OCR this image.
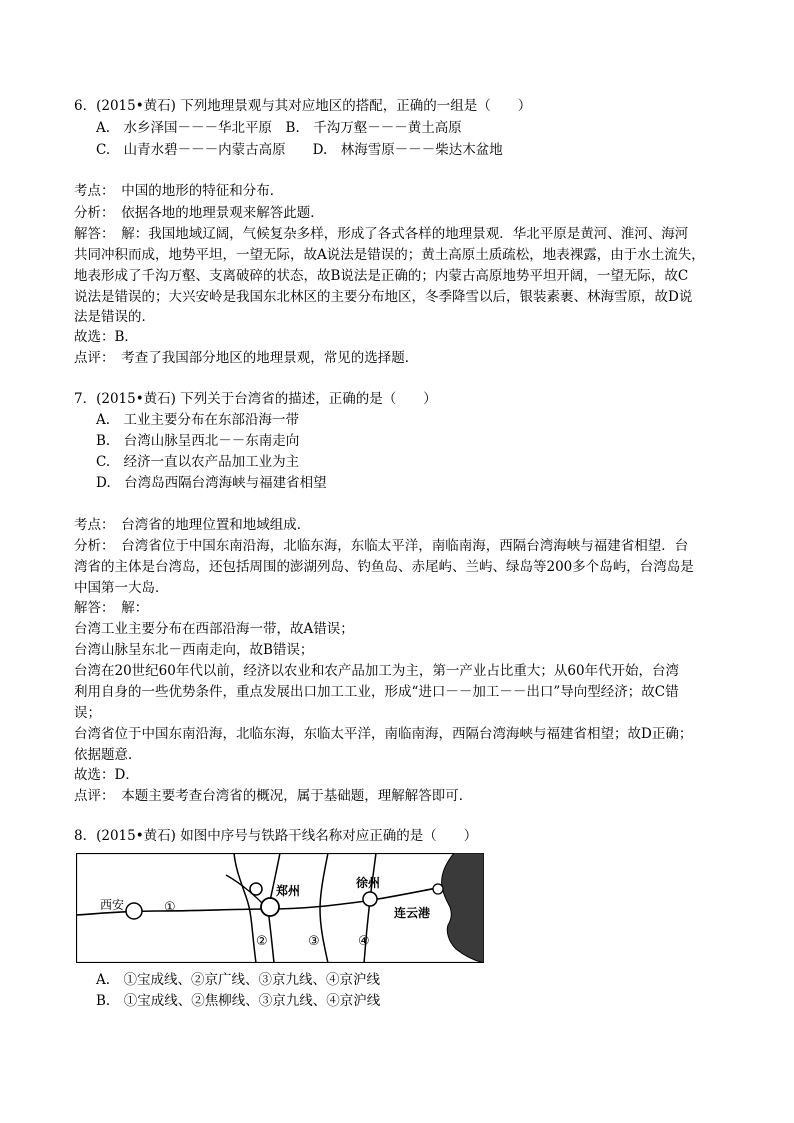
6．(2015•黄石) 下列地理景观与其对应地区的搭配，正确的一组是（　　）
A.　水乡泽国－－－华北平原　B.　千沟万壑－－－黄土高原
C.　山青水碧－－－内蒙古高原　　D.　林海雪原－－－柴达木盆地
考点：　中国的地形的特征和分布．
分析：　依据各地的地理景观来解答此题．
解答：　解：我国地域辽阔，气候复杂多样，形成了各式各样的地理景观．华北平原是黄河、淮河、海河
共同冲积而成，地势平坦，一望无际，故A说法是错误的；黄土高原土质疏松，地表裸露，由于水土流失，
地表形成了千沟万壑、支离破碎的状态，故B说法是正确的；内蒙古高原地势平坦开阔，一望无际，故C
说法是错误的；大兴安岭是我国东北林区的主要分布地区，冬季降雪以后，银装素裹、林海雪原，故D说
法是错误的．
故选：B．
点评：　考查了我国部分地区的地理景观，常见的选择题．
7．(2015•黄石) 下列关于台湾省的描述，正确的是（　　）
A.　工业主要分布在东部沿海一带
B.　台湾山脉呈西北－－东南走向
C.　经济一直以农产品加工业为主
D.　台湾岛西隔台湾海峡与福建省相望
考点：　台湾省的地理位置和地域组成．
分析：　台湾省位于中国东南沿海，北临东海，东临太平洋，南临南海，西隔台湾海峡与福建省相望．台
湾省的主体是台湾岛，还包括周围的澎湖列岛、钓鱼岛、赤尾屿、兰屿、绿岛等200多个岛屿，台湾岛是
中国第一大岛．
解答：　解：
台湾工业主要分布在西部沿海一带，故A错误；
台湾山脉呈东北－西南走向，故B错误；
台湾在20世纪60年代以前，经济以农业和农产品加工为主，第一产业占比重大；从60年代开始，台湾
利用自身的一些优势条件，重点发展出口加工工业，形成“进口－－加工－－出口”导向型经济；故C错
误；
台湾省位于中国东南沿海，北临东海，东临太平洋，南临南海，西隔台湾海峡与福建省相望；故D正确；
依据题意．
故选：D．
点评：　本题主要考查台湾省的概况，属于基础题，理解解答即可．
8．(2015•黄石) 如图中序号与铁路干线名称对应正确的是（　　）
西安	①
郑州
徐州
连云港
②	③	④
A.　①宝成线、②京广线、③京九线、④京沪线
B.　①宝成线、②焦柳线、③京九线、④京沪线
